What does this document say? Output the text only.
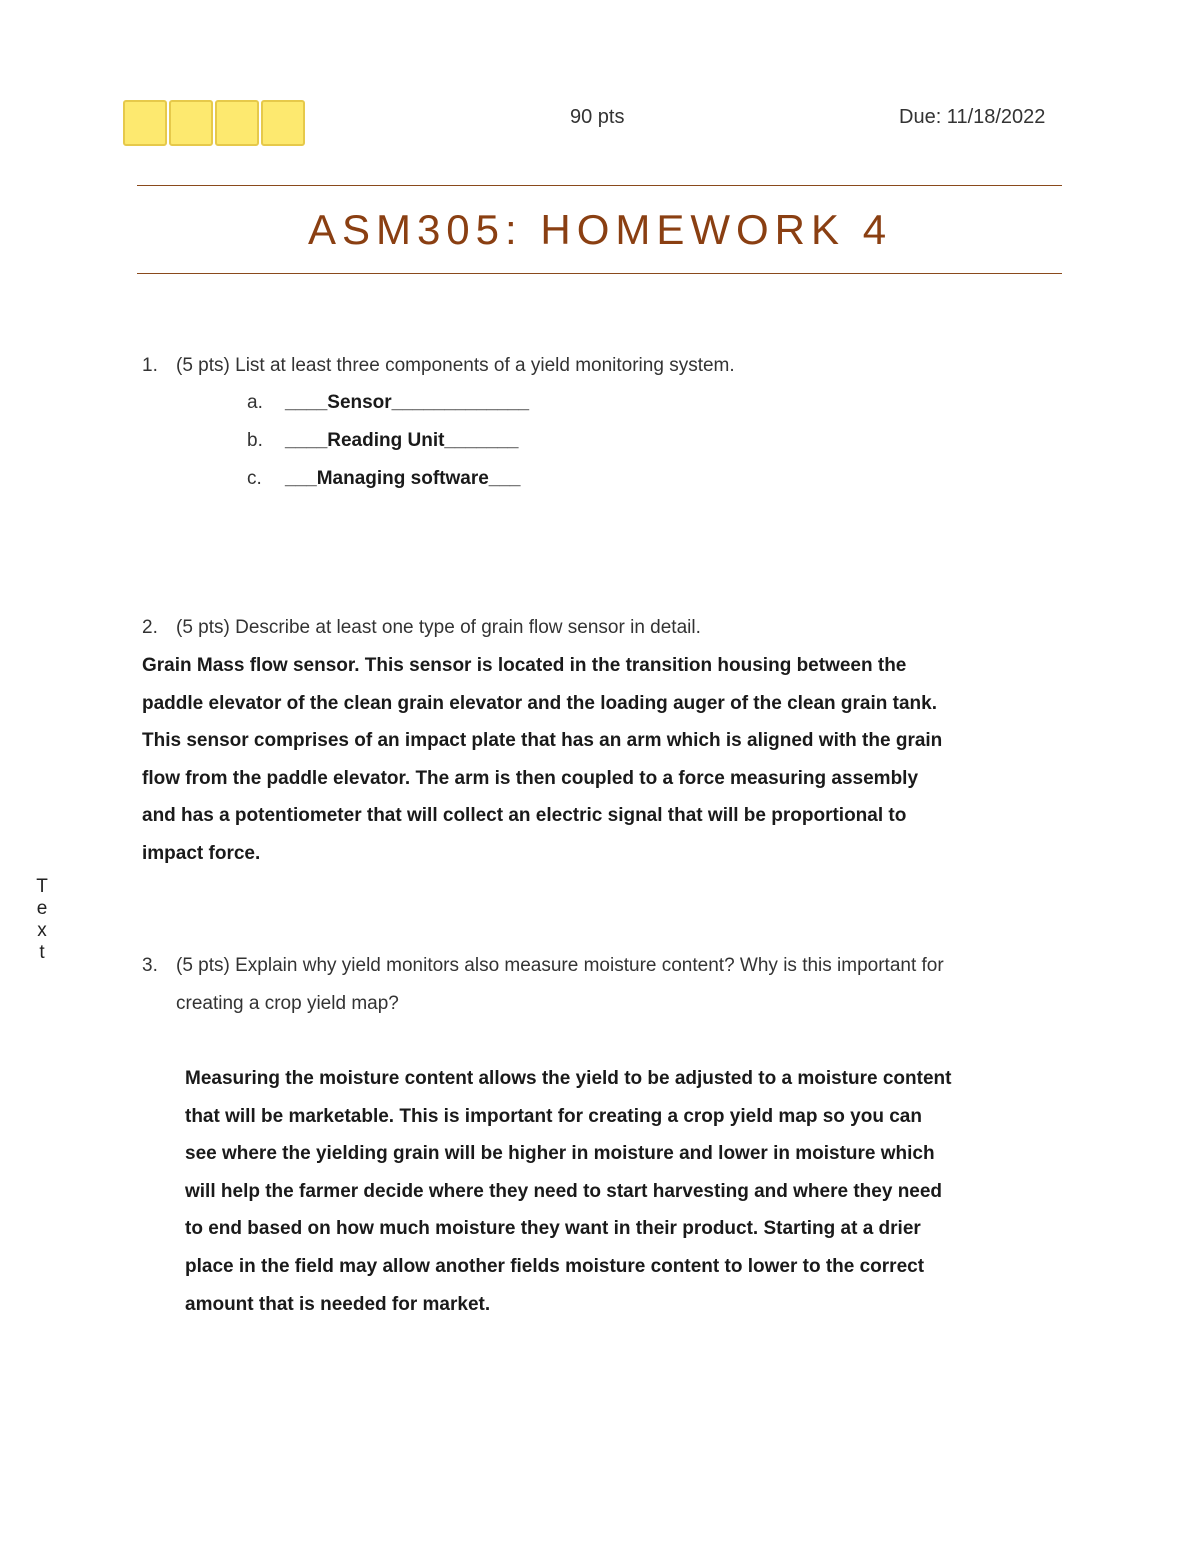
90 pts	Due: 11/18/2022
ASM305: HOMEWORK 4
1. (5 pts) List at least three components of a yield monitoring system.
a. ____Sensor_____________
b. ____Reading Unit_______
c. ___Managing software___
2. (5 pts) Describe at least one type of grain flow sensor in detail.
Grain Mass flow sensor. This sensor is located in the transition housing between the
paddle elevator of the clean grain elevator and the loading auger of the clean grain tank.
This sensor comprises of an impact plate that has an arm which is aligned with the grain
flow from the paddle elevator. The arm is then coupled to a force measuring assembly
and has a potentiometer that will collect an electric signal that will be proportional to
impact force.
T
e
x
t
3. (5 pts) Explain why yield monitors also measure moisture content? Why is this important for
creating a crop yield map?
Measuring the moisture content allows the yield to be adjusted to a moisture content
that will be marketable. This is important for creating a crop yield map so you can
see where the yielding grain will be higher in moisture and lower in moisture which
will help the farmer decide where they need to start harvesting and where they need
to end based on how much moisture they want in their product. Starting at a drier
place in the field may allow another fields moisture content to lower to the correct
amount that is needed for market.
